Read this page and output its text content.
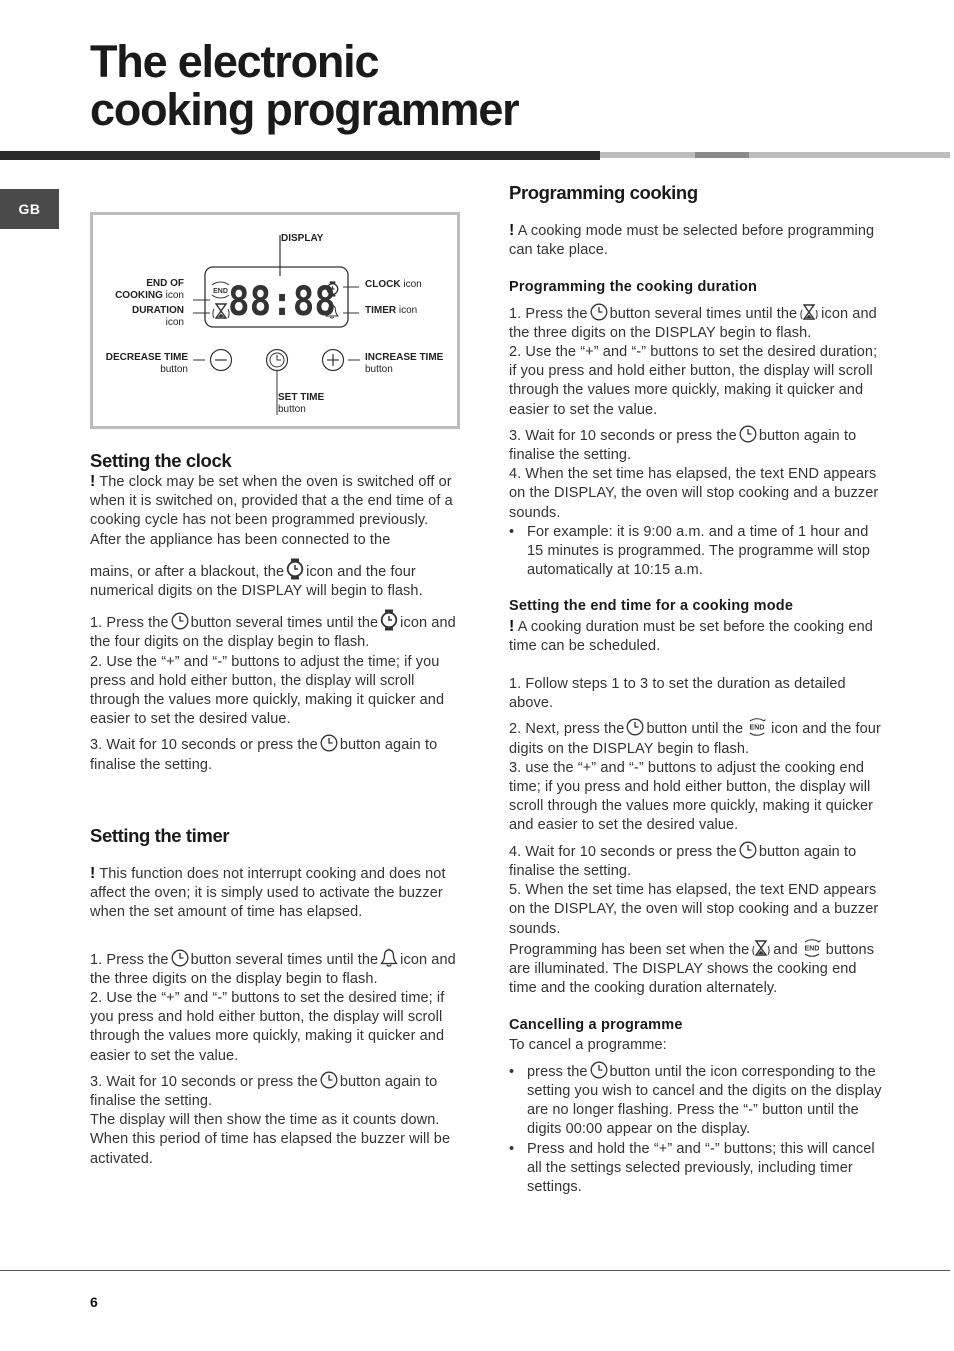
The electronic
cooking programmer
GB
END 88:88
DISPLAY
END OF
COOKING icon
DURATION
icon
CLOCK icon
TIMER icon
DECREASE TIME
button
INCREASE TIME
button
SET TIME
button
Setting the clock

! The clock may be set when the oven is switched off or when it is switched on, provided that a the end time of a cooking cycle has not been programmed previously.

After the appliance has been connected to the

mains, or after a blackout, the icon and the four numerical digits on the DISPLAY will begin to flash.

1. Press the button several times until the icon and the four digits on the display begin to flash.

2. Use the “+” and “-” buttons to adjust the time; if you press and hold either button, the display will scroll through the values more quickly, making it quicker and easier to set the desired value.

3. Wait for 10 seconds or press the button again to finalise the setting.

Setting the timer

! This function does not interrupt cooking and does not affect the oven; it is simply used to activate the buzzer when the set amount of time has elapsed.

1. Press the button several times until the icon and the three digits on the display begin to flash.

2. Use the “+” and “-” buttons to set the desired time; if you press and hold either button, the display will scroll through the values more quickly, making it quicker and easier to set the value.

3. Wait for 10 seconds or press the button again to finalise the setting.

The display will then show the time as it counts down. When this period of time has elapsed the buzzer will be activated.

Programming cooking

! A cooking mode must be selected before programming can take place.

Programming the cooking duration

1. Press the button several times until the icon and the three digits on the DISPLAY begin to flash.

2. Use the “+” and “-” buttons to set the desired duration; if you press and hold either button, the display will scroll through the values more quickly, making it quicker and easier to set the value.

3. Wait for 10 seconds or press the button again to finalise the setting.

4. When the set time has elapsed, the text END appears on the DISPLAY, the oven will stop cooking and a buzzer sounds.

• For example: it is 9:00 a.m. and a time of 1 hour and 15 minutes is programmed. The programme will stop automatically at 10:15 a.m.

Setting the end time for a cooking mode

! A cooking duration must be set before the cooking end time can be scheduled.

1. Follow steps 1 to 3 to set the duration as detailed above.

2. Next, press the button until the icon and the four digits on the DISPLAY begin to flash.

3. use the “+” and “-” buttons to adjust the cooking end time; if you press and hold either button, the display will scroll through the values more quickly, making it quicker and easier to set the desired value.

4. Wait for 10 seconds or press the button again to finalise the setting.

5. When the set time has elapsed, the text END appears on the DISPLAY, the oven will stop cooking and a buzzer sounds.

Programming has been set when the and buttons are illuminated. The DISPLAY shows the cooking end time and the cooking duration alternately.

Cancelling a programme

To cancel a programme:

• press the button until the icon corresponding to the setting you wish to cancel and the digits on the display are no longer flashing. Press the “-” button until the digits 00:00 appear on the display.

• Press and hold the “+” and “-” buttons; this will cancel all the settings selected previously, including timer settings.

6
